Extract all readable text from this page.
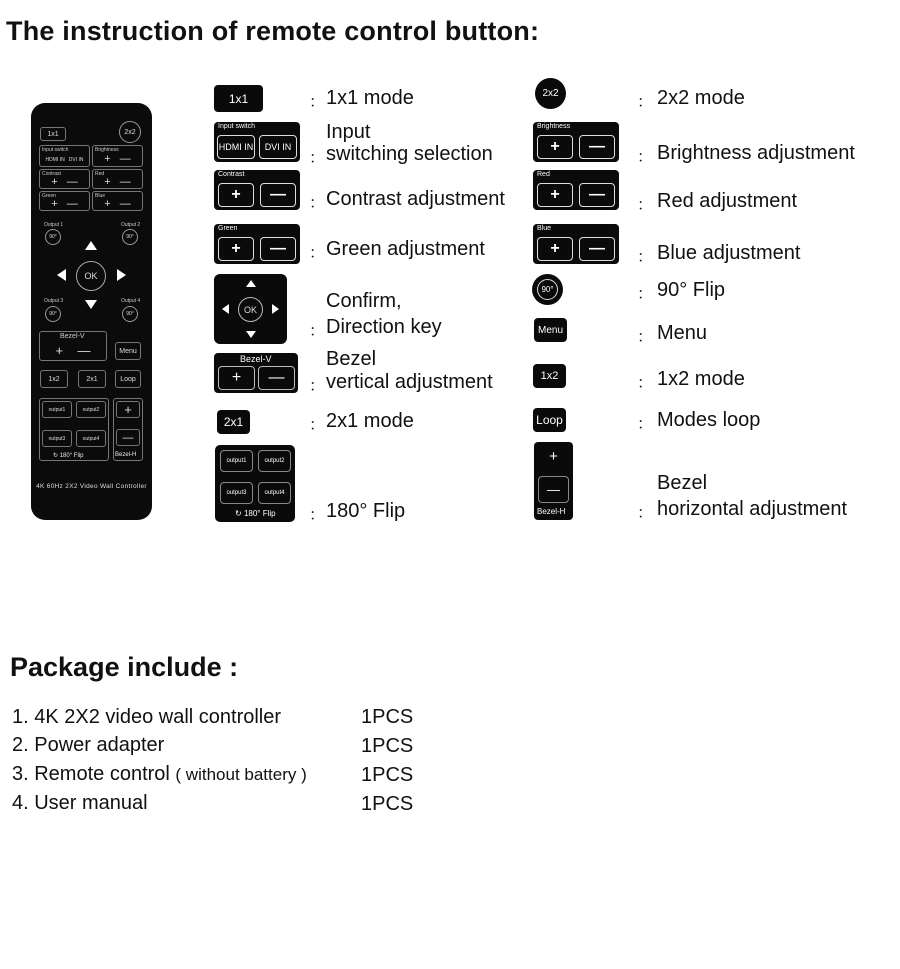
The instruction of remote control button:
1x1	2x2
Input switch
HDMI IN DVI IN
Brightness
+   —
Contrast
+   —
Red
+   —
Green
+   —
Blue
+   —
Output 1	Output 2
90°	90°
OK
Output 3	Output 4
90°	90°
Bezel-V
+    —	Menu
1x2	2x1	Loop
output1	output2
output3	output4
↻ 180° Flip
+
—
Bezel-H
4K 60Hz 2X2 Video Wall Controller
1x1	： 1x1 mode
Input switch
HDMI IN	DVI IN
Input
： switching selection
Contrast
+	—
： Contrast adjustment
Green
+	—	： Green adjustment
OK	Confirm,
： Direction key
Bezel-V
+	—
Bezel
： vertical adjustment
2x1	： 2x1 mode
output1	output2
output3	output4
↻ 180° Flip ： 180° Flip
2x2
： 2x2 mode
Brightness
+	—
： Brightness adjustment
Red
+	—
： Red adjustment
Blue
+	—
： Blue adjustment
90°	： 90° Flip
Menu	： Menu
1x2	： 1x2 mode
Loop	： Modes loop
+
—
Bezel-H
Bezel
： horizontal adjustment
Package include :
1. 4K 2X2 video wall controller	1PCS
2. Power adapter	1PCS
3. Remote control ( without battery )	1PCS
4. User manual	1PCS
